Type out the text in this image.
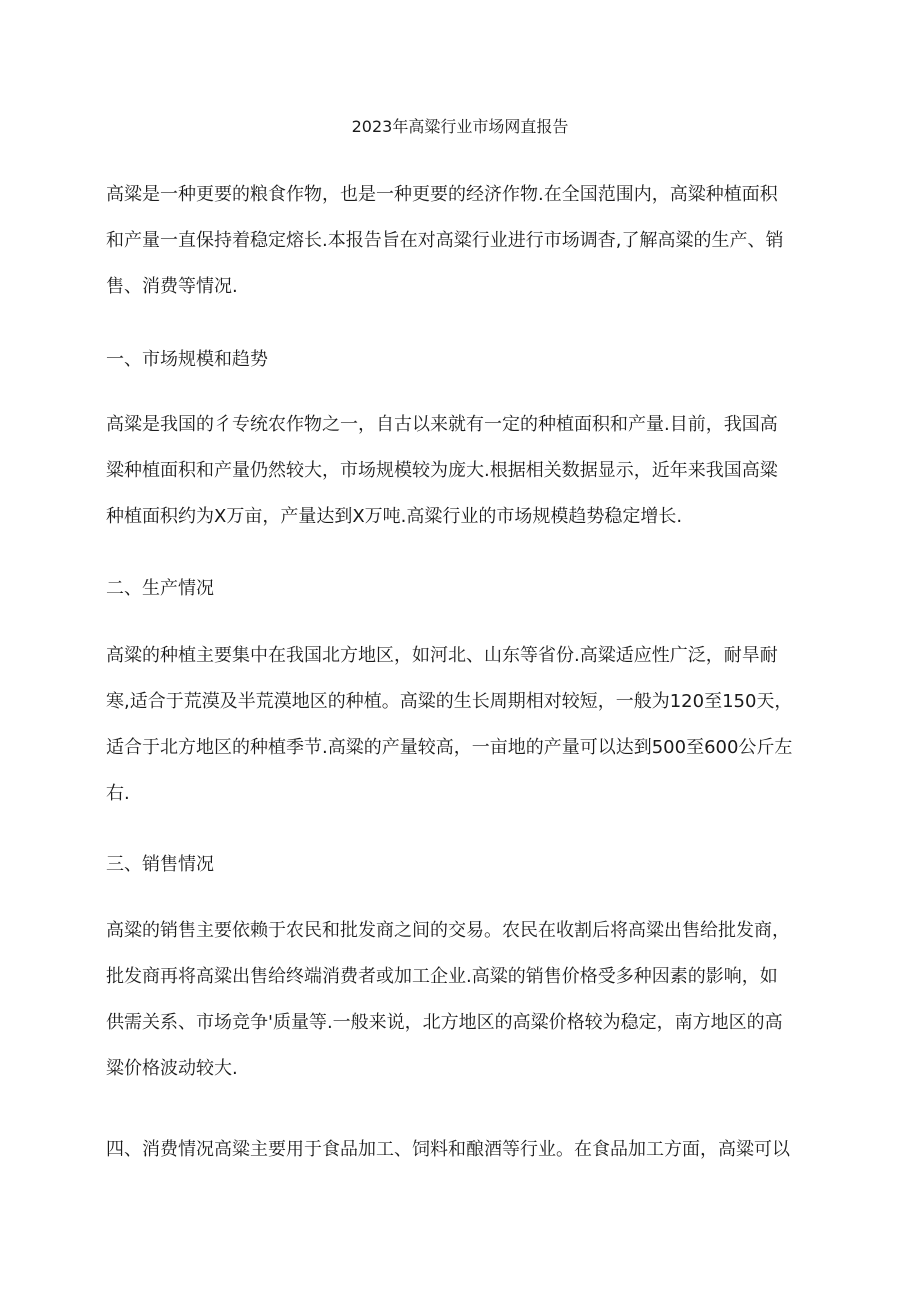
2023年高粱行业市场网直报告
高粱是一种更要的粮食作物，也是一种更要的经济作物.在全国范围内，高粱种植面积
和产量一直保持着稳定熔长.本报告旨在对高粱行业进行市场调杳,了解高粱的生产、销
售、消费等情况.
一、市场规模和趋势
高粱是我国的彳专统农作物之一，自古以来就有一定的种植面积和产量.目前，我国高
粱种植面积和产量仍然较大，市场规模较为庞大.根据相关数据显示，近年来我国高粱
种植面积约为X万亩，产量达到X万吨.高粱行业的市场规模趋势稳定增长.
二、生产情况
高粱的种植主要集中在我国北方地区，如河北、山东等省份.高粱适应性广泛，耐旱耐
寒,适合于荒漠及半荒漠地区的种植。高粱的生长周期相对较短，一般为120至150天，
适合于北方地区的种植季节.高粱的产量较高，一亩地的产量可以达到500至600公斤左
右.
三、销售情况
高粱的销售主要依赖于农民和批发商之间的交易。农民在收割后将高粱出售给批发商，
批发商再将高粱出售给终端消费者或加工企业.高粱的销售价格受多种因素的影响，如
供需关系、市场竞争'质量等.一般来说，北方地区的高粱价格较为稳定，南方地区的高
粱价格波动较大.
四、消费情况高粱主要用于食品加工、饲料和酿酒等行业。在食品加工方面，高粱可以
